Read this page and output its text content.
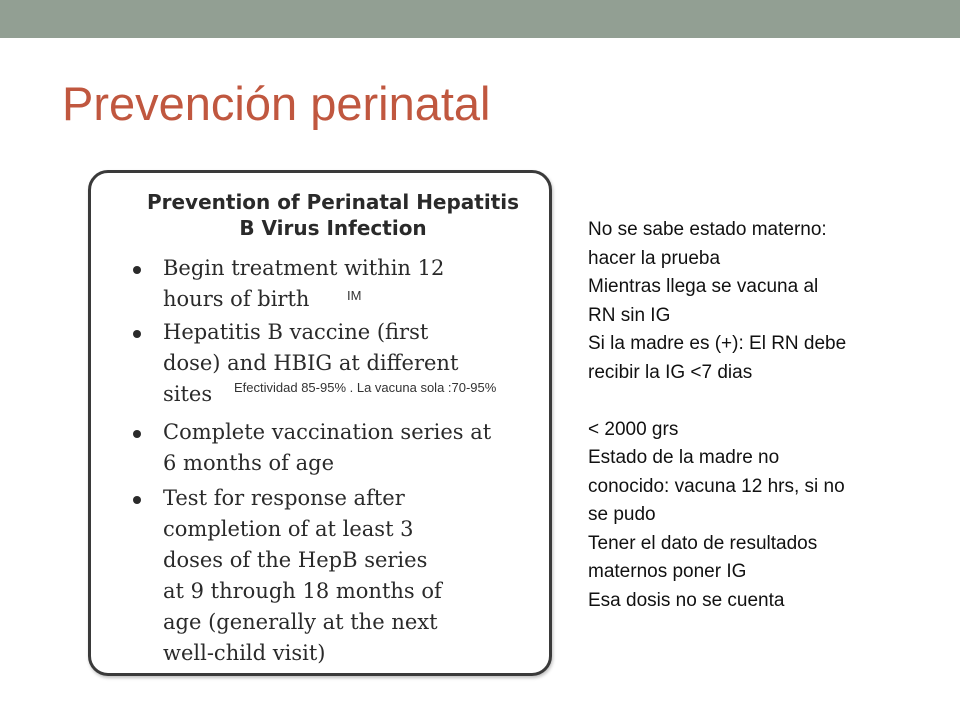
Prevención perinatal
Prevention of Perinatal Hepatitis
B Virus Infection
Begin treatment within 12
hours of birth
Hepatitis B vaccine (first
dose) and HBIG at different
sites
Complete vaccination series at
6 months of age
Test for response after
completion of at least 3
doses of the HepB series
at 9 through 18 months of
age (generally at the next
well-child visit)
IM
Efectividad 85-95% . La vacuna sola :70-95%
No se sabe estado materno:
hacer la prueba
Mientras llega se vacuna al
RN sin IG
Si la madre es (+): El RN debe
recibir la IG <7 dias
< 2000 grs
Estado de la madre no
conocido: vacuna 12 hrs, si no
se pudo
Tener el dato de resultados
maternos poner IG
Esa dosis no se cuenta
